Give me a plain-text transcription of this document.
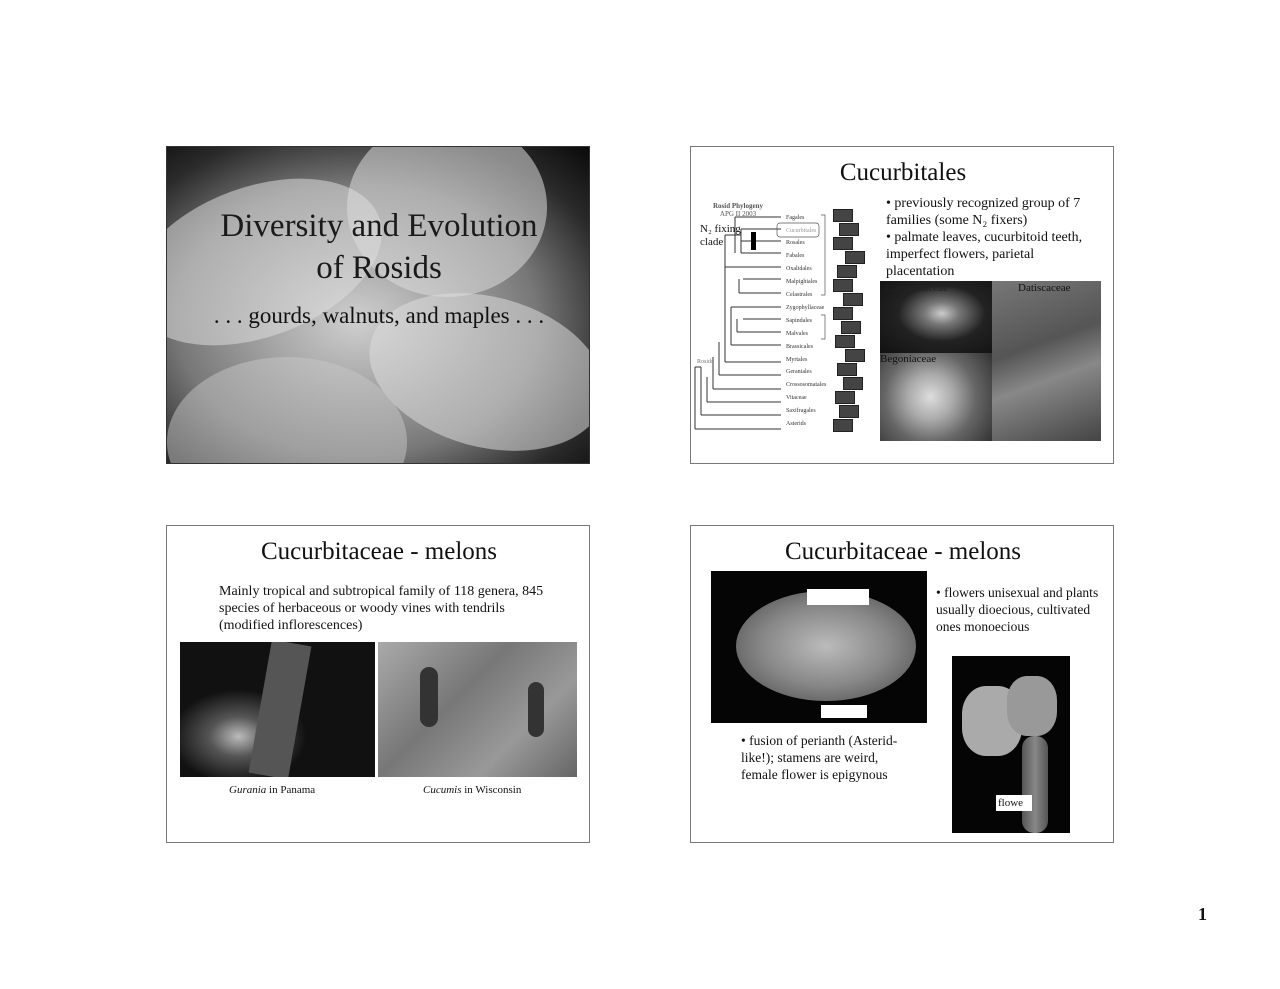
Diversity and Evolution
of Rosids
. . . gourds, walnuts, and maples . . .
Cucurbitales
Rosid Phylogeny
APG II 2003
N₂ fixing
clade
Fagales
Cucurbitales
Rosales
Fabales
Oxalidales
Malpighiales
Celastrales
Zygophyllaceae
Sapindales
Malvales
Brassicales
Myrtales
Geraniales
Crossosomatales
Vitaceae
Saxifragales
Asterids
Rosids
• previously recognized group of 7 families (some N₂ fixers)
• palmate leaves, cucurbitoid teeth, imperfect flowers, parietal placentation
Cucurbitaceae	Datiscaceae
Begoniaceae
Cucurbitaceae - melons
Mainly tropical and subtropical family of 118 genera, 845 species of herbaceous or woody vines with tendrils (modified inflorescences)
Gurania in Panama	Cucumis in Wisconsin
Cucurbitaceae - melons
• flowers unisexual and plants usually dioecious, cultivated ones monoecious
• fusion of perianth (Asterid-like!); stamens are weird, female flower is epigynous
flowe
1
